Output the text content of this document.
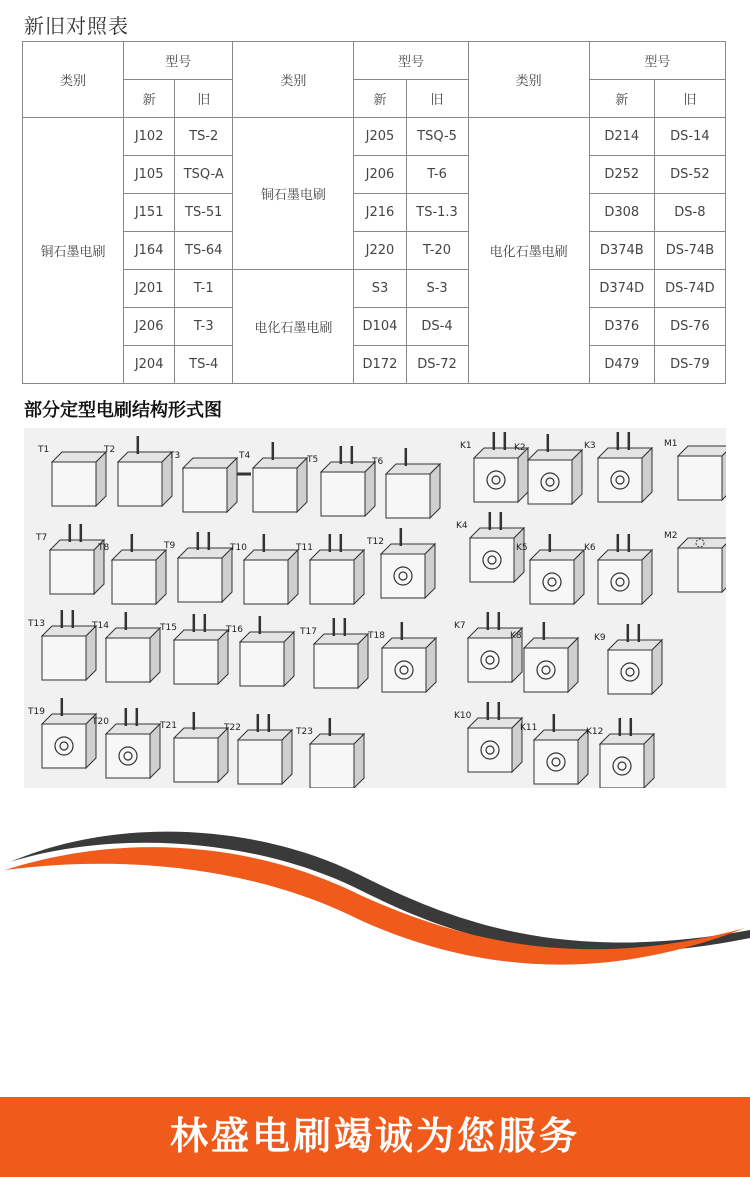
新旧对照表
类别	型号		类别	型号		类别	型号	
	新	旧		新	旧		新	旧
铜石墨电刷	J102	TS-2	铜石墨电刷	J205	TSQ-5	电化石墨电刷	D214	DS-14
	J105	TSQ-A		J206	T-6		D252	DS-52
	J151	TS-51		J216	TS-1.3		D308	DS-8
	J164	TS-64		J220	T-20		D374B	DS-74B
	J201	T-1	电化石墨电刷	S3	S-3		D374D	DS-74D
	J206	T-3		D104	DS-4		D376	DS-76
	J204	TS-4		D172	DS-72		D479	DS-79
部分定型电刷结构形式图
T1	T2
T3	T4	T5	T6
K1	K2	K3	M1
T7
T8	T9	T10	T11
T12
K4
K5	K6
M2
T13	T14	T15	T16	T17	T18
K7
K8	K9
T19
T20	T21	T22	T23
K10
K11	K12
林盛电刷竭诚为您服务
